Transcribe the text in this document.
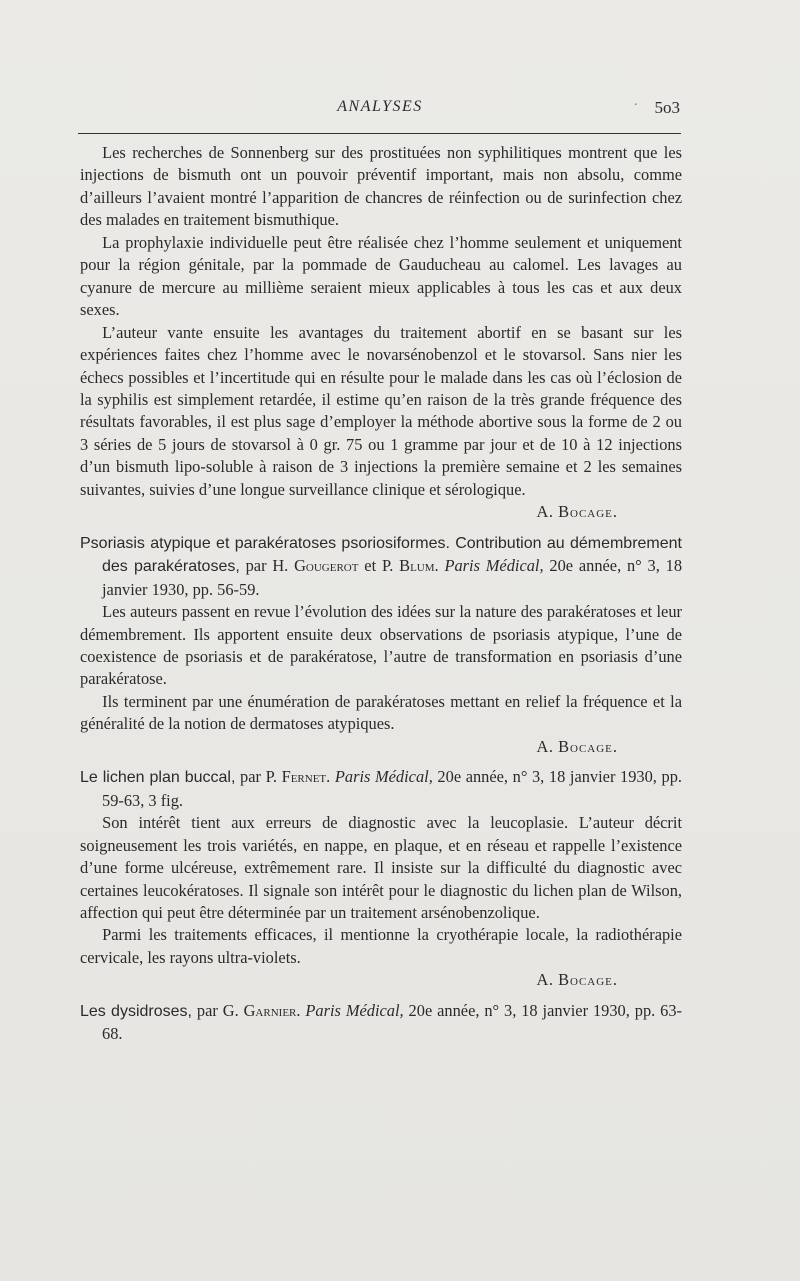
ANALYSES	· 5o3

Les recherches de Sonnenberg sur des prostituées non syphilitiques montrent que les injections de bismuth ont un pouvoir préventif important, mais non absolu, comme d’ailleurs l’avaient montré l’apparition de chancres de réinfection ou de surinfection chez des malades en traitement bismuthique.

La prophylaxie individuelle peut être réalisée chez l’homme seulement et uniquement pour la région génitale, par la pommade de Gauducheau au calomel. Les lavages au cyanure de mercure au millième seraient mieux applicables à tous les cas et aux deux sexes.

L’auteur vante ensuite les avantages du traitement abortif en se basant sur les expériences faites chez l’homme avec le novarsénobenzol et le stovarsol. Sans nier les échecs possibles et l’incertitude qui en résulte pour le malade dans les cas où l’éclosion de la syphilis est simplement retardée, il estime qu’en raison de la très grande fréquence des résultats favorables, il est plus sage d’employer la méthode abortive sous la forme de 2 ou 3 séries de 5 jours de stovarsol à 0 gr. 75 ou 1 gramme par jour et de 10 à 12 injections d’un bismuth lipo-soluble à raison de 3 injections la première semaine et 2 les semaines suivantes, suivies d’une longue surveillance clinique et sérologique.

A. Bocage.

Psoriasis atypique et parakératoses psoriosiformes. Contribution au démembrement des parakératoses, par H. Gougerot et P. Blum. Paris Médical, 20e année, n° 3, 18 janvier 1930, pp. 56-59.

Les auteurs passent en revue l’évolution des idées sur la nature des parakératoses et leur démembrement. Ils apportent ensuite deux observations de psoriasis atypique, l’une de coexistence de psoriasis et de parakératose, l’autre de transformation en psoriasis d’une parakératose.

Ils terminent par une énumération de parakératoses mettant en relief la fréquence et la généralité de la notion de dermatoses atypiques.

A. Bocage.

Le lichen plan buccal, par P. Fernet. Paris Médical, 20e année, n° 3, 18 janvier 1930, pp. 59-63, 3 fig.

Son intérêt tient aux erreurs de diagnostic avec la leucoplasie. L’auteur décrit soigneusement les trois variétés, en nappe, en plaque, et en réseau et rappelle l’existence d’une forme ulcéreuse, extrêmement rare. Il insiste sur la difficulté du diagnostic avec certaines leucokératoses. Il signale son intérêt pour le diagnostic du lichen plan de Wilson, affection qui peut être déterminée par un traitement arsénobenzolique.

Parmi les traitements efficaces, il mentionne la cryothérapie locale, la radiothérapie cervicale, les rayons ultra-violets.

A. Bocage.

Les dysidroses, par G. Garnier. Paris Médical, 20e année, n° 3, 18 janvier 1930, pp. 63-68.
